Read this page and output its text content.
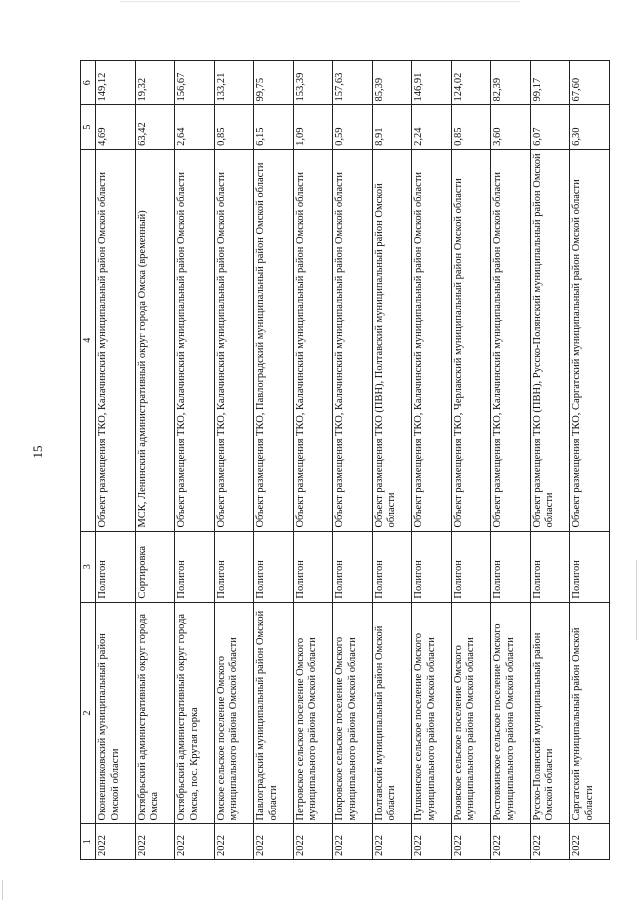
15
1	2	3	4	5	6
2022	Оконешниковский муниципальный район Омской области	Полигон	Объект размещения ТКО, Калачинский муниципальный район Омской области	4,69	149,12
2022	Октябрьский административный округ города Омска	Сортировка	МСК, Ленинский административный округ города Омска (временный)	63,42	19,32
2022	Октябрьский административный округ города Омска, пос. Крутая горка	Полигон	Объект размещения ТКО, Калачинский муниципальный район Омской области	2,64	156,67
2022	Омское сельское поселение Омского муниципального района Омской области	Полигон	Объект размещения ТКО, Калачинский муниципальный район Омской области	0,85	133,21
2022	Павлоградский муниципальный район Омской области	Полигон	Объект размещения ТКО, Павлоградский муниципальный район Омской области	6,15	99,75
2022	Петровское сельское поселение Омского муниципального района Омской области	Полигон	Объект размещения ТКО, Калачинский муниципальный район Омской области	1,09	153,39
2022	Покровское сельское поселение Омского муниципального района Омской области	Полигон	Объект размещения ТКО, Калачинский муниципальный район Омской области	0,59	157,63
2022	Полтавский муниципальный район Омской области	Полигон	Объект размещения ТКО (ПВН), Полтавский муниципальный район Омской области	8,91	85,39
2022	Пушкинское сельское поселение Омского муниципального района Омской области	Полигон	Объект размещения ТКО, Калачинский муниципальный район Омской области	2,24	146,91
2022	Розовское сельское поселение Омского муниципального района Омской области	Полигон	Объект размещения ТКО, Черлакский муниципальный район Омской области	0,85	124,02
2022	Ростовкинское сельское поселение Омского муниципального района Омской области	Полигон	Объект размещения ТКО, Калачинский муниципальный район Омской области	3,60	82,39
2022	Русско-Полянский муниципальный район Омской области	Полигон	Объект размещения ТКО (ПВН), Русско-Полянский муниципальный район Омской области	6,07	99,17
2022	Саргатский муниципальный район Омской области	Полигон	Объект размещения ТКО, Саргатский муниципальный район Омской области	6,30	67,60
